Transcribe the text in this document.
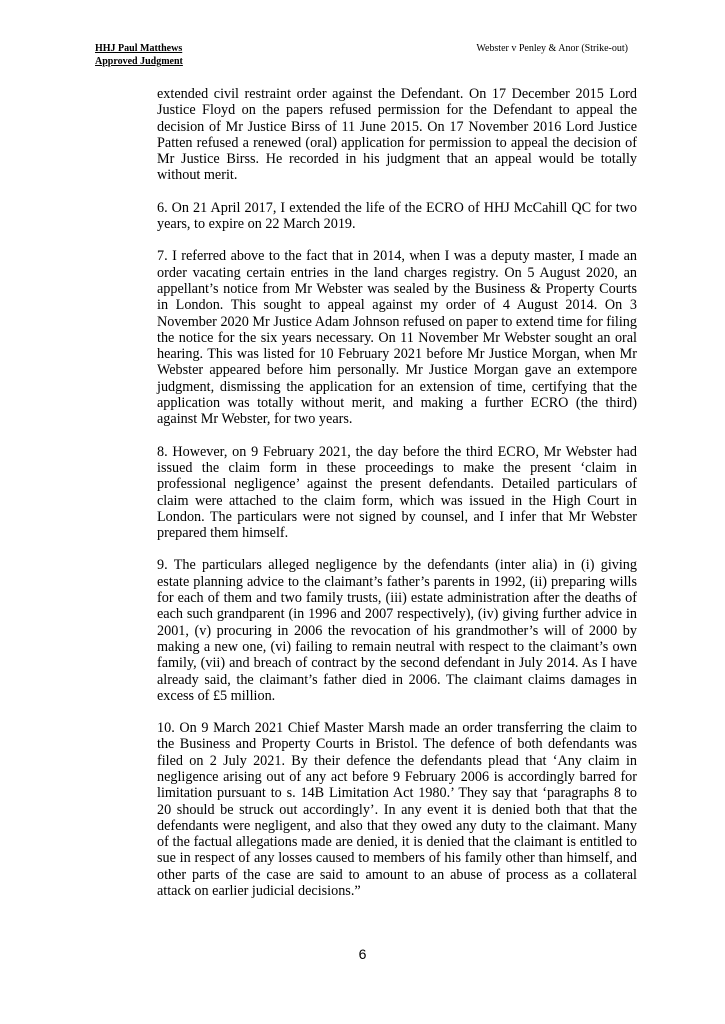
HHJ Paul Matthews
Approved Judgment
Webster v Penley & Anor (Strike-out)

extended civil restraint order against the Defendant. On 17 December 2015 Lord Justice Floyd on the papers refused permission for the Defendant to appeal the decision of Mr Justice Birss of 11 June 2015. On 17 November 2016 Lord Justice Patten refused a renewed (oral) application for permission to appeal the decision of Mr Justice Birss. He recorded in his judgment that an appeal would be totally without merit.

6. On 21 April 2017, I extended the life of the ECRO of HHJ McCahill QC for two years, to expire on 22 March 2019.

7. I referred above to the fact that in 2014, when I was a deputy master, I made an order vacating certain entries in the land charges registry. On 5 August 2020, an appellant’s notice from Mr Webster was sealed by the Business & Property Courts in London. This sought to appeal against my order of 4 August 2014. On 3 November 2020 Mr Justice Adam Johnson refused on paper to extend time for filing the notice for the six years necessary. On 11 November Mr Webster sought an oral hearing. This was listed for 10 February 2021 before Mr Justice Morgan, when Mr Webster appeared before him personally. Mr Justice Morgan gave an extempore judgment, dismissing the application for an extension of time, certifying that the application was totally without merit, and making a further ECRO (the third) against Mr Webster, for two years.

8. However, on 9 February 2021, the day before the third ECRO, Mr Webster had issued the claim form in these proceedings to make the present ‘claim in professional negligence’ against the present defendants. Detailed particulars of claim were attached to the claim form, which was issued in the High Court in London. The particulars were not signed by counsel, and I infer that Mr Webster prepared them himself.

9. The particulars alleged negligence by the defendants (inter alia) in (i) giving estate planning advice to the claimant’s father’s parents in 1992, (ii) preparing wills for each of them and two family trusts, (iii) estate administration after the deaths of each such grandparent (in 1996 and 2007 respectively), (iv) giving further advice in 2001, (v) procuring in 2006 the revocation of his grandmother’s will of 2000 by making a new one, (vi) failing to remain neutral with respect to the claimant’s own family, (vii) and breach of contract by the second defendant in July 2014. As I have already said, the claimant’s father died in 2006. The claimant claims damages in excess of £5 million.

10. On 9 March 2021 Chief Master Marsh made an order transferring the claim to the Business and Property Courts in Bristol. The defence of both defendants was filed on 2 July 2021. By their defence the defendants plead that ‘Any claim in negligence arising out of any act before 9 February 2006 is accordingly barred for limitation pursuant to s. 14B Limitation Act 1980.’ They say that ‘paragraphs 8 to 20 should be struck out accordingly’. In any event it is denied both that that the defendants were negligent, and also that they owed any duty to the claimant. Many of the factual allegations made are denied, it is denied that the claimant is entitled to sue in respect of any losses caused to members of his family other than himself, and other parts of the case are said to amount to an abuse of process as a collateral attack on earlier judicial decisions.”

6
